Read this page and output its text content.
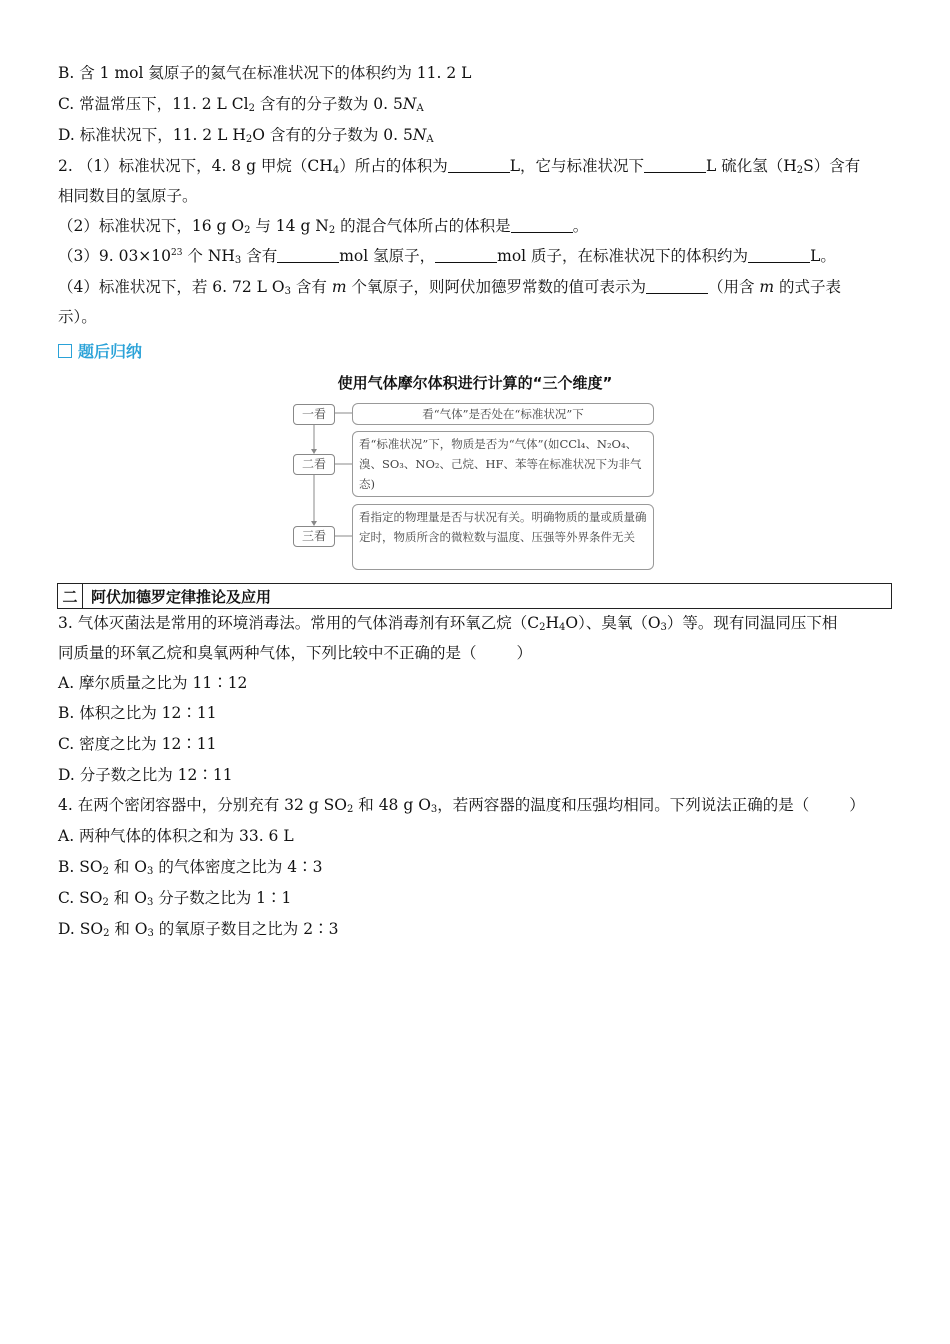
B. 含 1 mol 氦原子的氦气在标准状况下的体积约为 11. 2 L
C. 常温常压下，11. 2 L $Cl_2$ 含有的分子数为 0. $5N_A$
D. 标准状况下，11. 2 L $H_2O$ 含有的分子数为 0. $5N_A$
2. （1）标准状况下，4. 8 g 甲烷$(CH_4)$所占的体积为	L，它与标准状况下	L 硫化氢$(H_2S)$含有
相同数目的氢原子。
（2）标准状况下，16 g $O_2$ 与 14 g $N_2$ 的混合气体所占的体积是	。
（3）9. $03\times 10^{23}$ 个 $NH_3$ 含有	mol 氢原子，	mol 质子，在标准状况下的体积约为	L。
（4）标准状况下，若 6. 72 L $O_3$ 含有 m 个氧原子，则阿伏加德罗常数的值可表示为	（用含 m 的式子表
示）。
题后归纳
使用气体摩尔体积进行计算的“三个维度”
一看
二看
三看
看“气体”是否处在“标准状况”下
看“标准状况”下，物质是否为“气体”(如CCl₄、N₂O₄、溴、SO₃、NO₂、己烷、HF、苯等在标准状况下为非气态)
看指定的物理量是否与状况有关。明确物质的量或质量确定时，物质所含的微粒数与温度、压强等外界条件无关
二 阿伏加德罗定律推论及应用
3. 气体灭菌法是常用的环境消毒法。常用的气体消毒剂有环氧乙烷$(C_2H_4O)$、臭氧$(O_3)$等。现有同温同压下相
同质量的环氧乙烷和臭氧两种气体，下列比较中不正确的是（	）
A. 摩尔质量之比为 11∶12
B. 体积之比为 12∶11
C. 密度之比为 12∶11
D. 分子数之比为 12∶11
4. 在两个密闭容器中，分别充有 32 g $SO_2$ 和 48 g $O_3$，若两容器的温度和压强均相同。下列说法正确的是（	）
A. 两种气体的体积之和为 33. 6 L
B. $SO_2$ 和 $O_3$ 的气体密度之比为 4∶3
C. $SO_2$ 和 $O_3$ 分子数之比为 1∶1
D. $SO_2$ 和 $O_3$ 的氧原子数目之比为 2∶3
